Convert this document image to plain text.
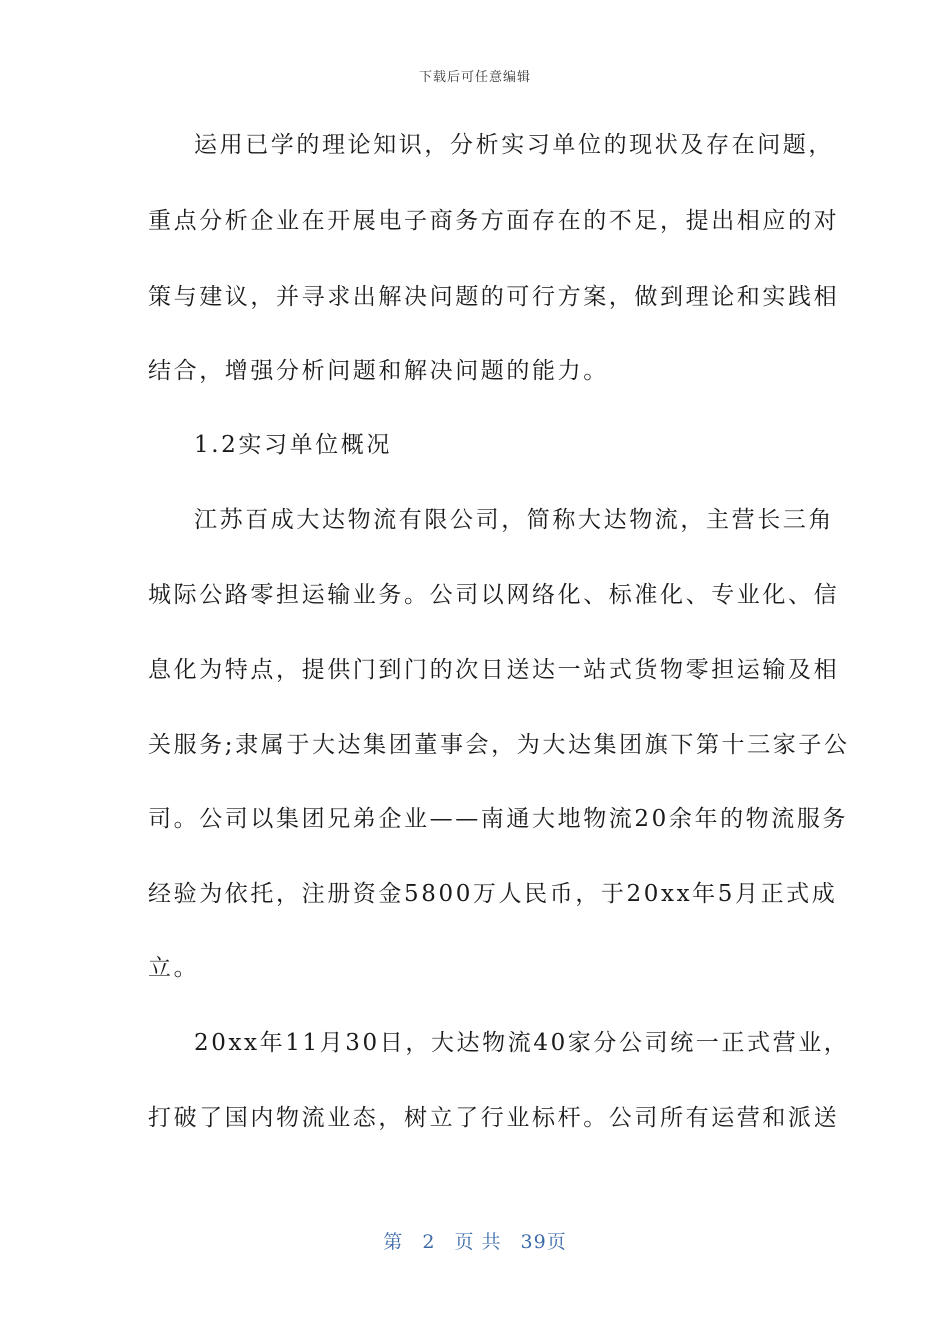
下载后可任意编辑
运用已学的理论知识，分析实习单位的现状及存在问题，
重点分析企业在开展电子商务方面存在的不足，提出相应的对
策与建议，并寻求出解决问题的可行方案，做到理论和实践相
结合，增强分析问题和解决问题的能力。
1.2实习单位概况
江苏百成大达物流有限公司，简称大达物流，主营长三角
城际公路零担运输业务。公司以网络化、标准化、专业化、信
息化为特点，提供门到门的次日送达一站式货物零担运输及相
关服务;隶属于大达集团董事会，为大达集团旗下第十三家子公
司。公司以集团兄弟企业——南通大地物流20余年的物流服务
经验为依托，注册资金5800万人民币，于20xx年5月正式成
立。
20xx年11月30日，大达物流40家分公司统一正式营业，
打破了国内物流业态，树立了行业标杆。公司所有运营和派送
第 2 页 共 39页
